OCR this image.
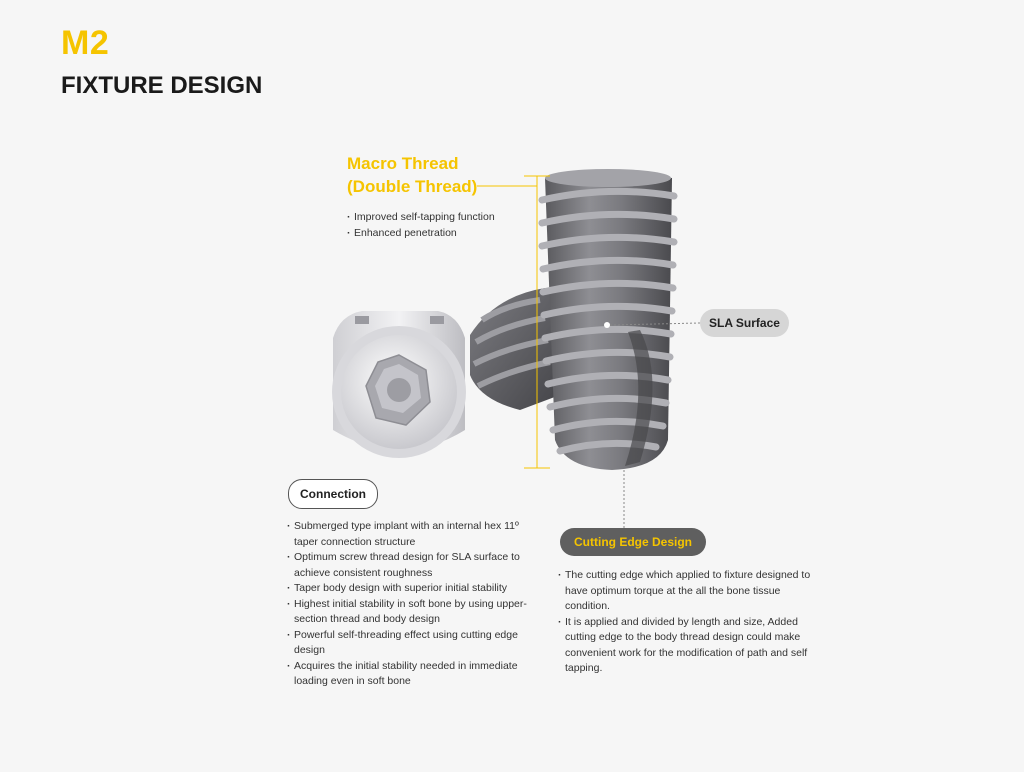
M2
FIXTURE DESIGN
Macro Thread
(Double Thread)
· Improved self-tapping function
· Enhanced penetration
SLA Surface
Connection
· Submerged type implant with an internal hex 11º taper connection structure
· Optimum screw thread design for SLA surface to achieve consistent roughness
· Taper body design with superior initial stability
· Highest initial stability in soft bone by using upper-section thread and body design
· Powerful self-threading effect using cutting edge design
· Acquires the initial stability needed in immediate loading even in soft bone
Cutting Edge Design
· The cutting edge which applied to fixture designed to have optimum torque at the all the bone tissue condition.
· It is applied and divided by length and size, Added cutting edge to the body thread design could make convenient work for the modification of path and self tapping.
